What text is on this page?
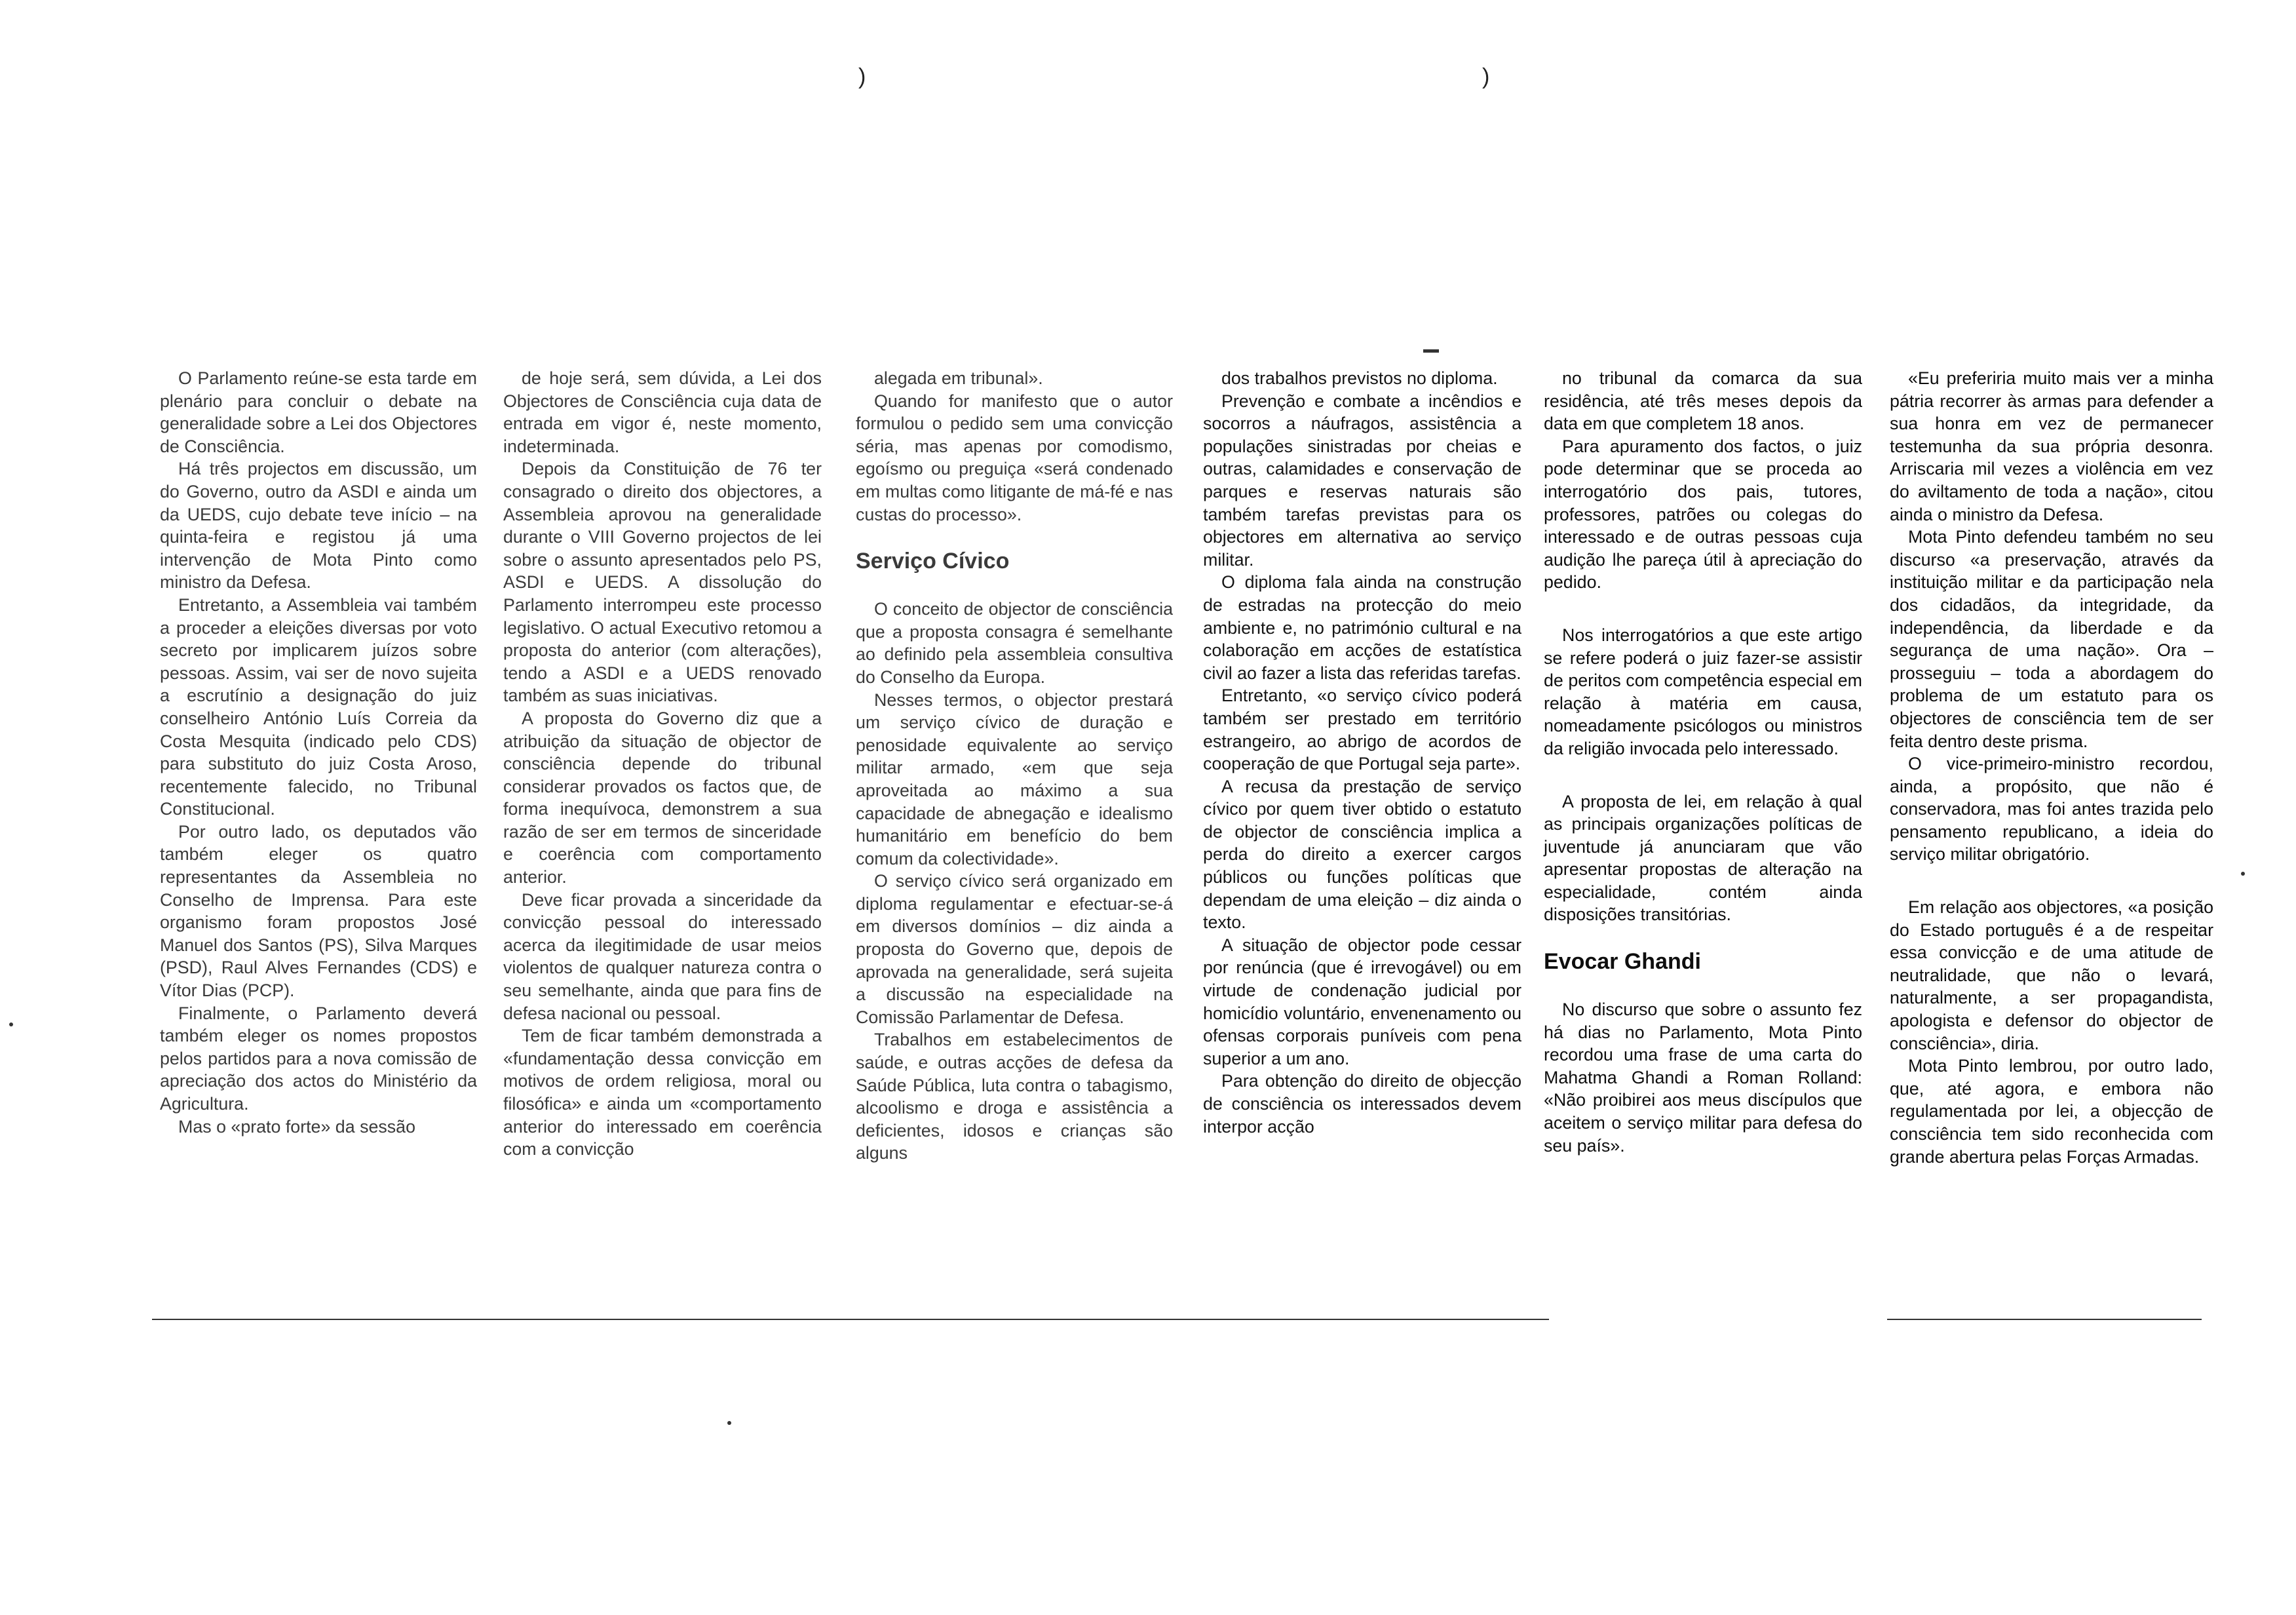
)	)

O Parlamento reúne-se esta tarde em plenário para concluir o debate na generalidade sobre a Lei dos Objectores de Consciência.

Há três projectos em discussão, um do Governo, outro da ASDI e ainda um da UEDS, cujo debate teve início – na quinta-feira e registou já uma intervenção de Mota Pinto como ministro da Defesa.

Entretanto, a Assembleia vai também a proceder a eleições diversas por voto secreto por implicarem juízos sobre pessoas. Assim, vai ser de novo sujeita a escrutínio a designação do juiz conselheiro António Luís Correia da Costa Mesquita (indicado pelo CDS) para substituto do juiz Costa Aroso, recentemente falecido, no Tribunal Constitucional.

Por outro lado, os deputados vão também eleger os quatro representantes da Assembleia no Conselho de Imprensa. Para este organismo foram propostos José Manuel dos Santos (PS), Silva Marques (PSD), Raul Alves Fernandes (CDS) e Vítor Dias (PCP).

Finalmente, o Parlamento deverá também eleger os nomes propostos pelos partidos para a nova comissão de apreciação dos actos do Ministério da Agricultura.

Mas o «prato forte» da sessão

de hoje será, sem dúvida, a Lei dos Objectores de Consciência cuja data de entrada em vigor é, neste momento, indeterminada.

Depois da Constituição de 76 ter consagrado o direito dos objectores, a Assembleia aprovou na generalidade durante o VIII Governo projectos de lei sobre o assunto apresentados pelo PS, ASDI e UEDS. A dissolução do Parlamento interrompeu este processo legislativo. O actual Executivo retomou a proposta do anterior (com alterações), tendo a ASDI e a UEDS renovado também as suas iniciativas.

A proposta do Governo diz que a atribuição da situação de objector de consciência depende do tribunal considerar provados os factos que, de forma inequívoca, demonstrem a sua razão de ser em termos de sinceridade e coerência com comportamento anterior.

Deve ficar provada a sinceridade da convicção pessoal do interessado acerca da ilegitimidade de usar meios violentos de qualquer natureza contra o seu semelhante, ainda que para fins de defesa nacional ou pessoal.

Tem de ficar também demonstrada a «fundamentação dessa convicção em motivos de ordem religiosa, moral ou filosófica» e ainda um «comportamento anterior do interessado em coerência com a convicção

alegada em tribunal».

Quando for manifesto que o autor formulou o pedido sem uma convicção séria, mas apenas por comodismo, egoísmo ou preguiça «será condenado em multas como litigante de má-fé e nas custas do processo».

Serviço Cívico

O conceito de objector de consciência que a proposta consagra é semelhante ao definido pela assembleia consultiva do Conselho da Europa.

Nesses termos, o objector prestará um serviço cívico de duração e penosidade equivalente ao serviço militar armado, «em que seja aproveitada ao máximo a sua capacidade de abnegação e idealismo humanitário em benefício do bem comum da colectividade».

O serviço cívico será organizado em diploma regulamentar e efectuar-se-á em diversos domínios – diz ainda a proposta do Governo que, depois de aprovada na generalidade, será sujeita a discussão na especialidade na Comissão Parlamentar de Defesa.

Trabalhos em estabelecimentos de saúde, e outras acções de defesa da Saúde Pública, luta contra o tabagismo, alcoolismo e droga e assistência a deficientes, idosos e crianças são alguns

dos trabalhos previstos no diploma.

Prevenção e combate a incêndios e socorros a náufragos, assistência a populações sinistradas por cheias e outras, calamidades e conservação de parques e reservas naturais são também tarefas previstas para os objectores em alternativa ao serviço militar.

O diploma fala ainda na construção de estradas na protecção do meio ambiente e, no património cultural e na colaboração em acções de estatística civil ao fazer a lista das referidas tarefas.

Entretanto, «o serviço cívico poderá também ser prestado em território estrangeiro, ao abrigo de acordos de cooperação de que Portugal seja parte».

A recusa da prestação de serviço cívico por quem tiver obtido o estatuto de objector de consciência implica a perda do direito a exercer cargos públicos ou funções políticas que dependam de uma eleição – diz ainda o texto.

A situação de objector pode cessar por renúncia (que é irrevogável) ou em virtude de condenação judicial por homicídio voluntário, envenenamento ou ofensas corporais puníveis com pena superior a um ano.

Para obtenção do direito de objecção de consciência os interessados devem interpor acção

no tribunal da comarca da sua residência, até três meses depois da data em que completem 18 anos.

Para apuramento dos factos, o juiz pode determinar que se proceda ao interrogatório dos pais, tutores, professores, patrões ou colegas do interessado e de outras pessoas cuja audição lhe pareça útil à apreciação do pedido.

Nos interrogatórios a que este artigo se refere poderá o juiz fazer-se assistir de peritos com competência especial em relação à matéria em causa, nomeadamente psicólogos ou ministros da religião invocada pelo interessado.

A proposta de lei, em relação à qual as principais organizações políticas de juventude já anunciaram que vão apresentar propostas de alteração na especialidade, contém ainda disposições transitórias.

Evocar Ghandi

No discurso que sobre o assunto fez há dias no Parlamento, Mota Pinto recordou uma frase de uma carta do Mahatma Ghandi a Roman Rolland: «Não proibirei aos meus discípulos que aceitem o serviço militar para defesa do seu país».

«Eu preferiria muito mais ver a minha pátria recorrer às armas para defender a sua honra em vez de permanecer testemunha da sua própria desonra. Arriscaria mil vezes a violência em vez do aviltamento de toda a nação», citou ainda o ministro da Defesa.

Mota Pinto defendeu também no seu discurso «a preservação, através da instituição militar e da participação nela dos cidadãos, da integridade, da independência, da liberdade e da segurança de uma nação». Ora – prosseguiu – toda a abordagem do problema de um estatuto para os objectores de consciência tem de ser feita dentro deste prisma.

O vice-primeiro-ministro recordou, ainda, a propósito, que não é conservadora, mas foi antes trazida pelo pensamento republicano, a ideia do serviço militar obrigatório.

Em relação aos objectores, «a posição do Estado português é a de respeitar essa convicção e de uma atitude de neutralidade, que não o levará, naturalmente, a ser propagandista, apologista e defensor do objector de consciência», diria.

Mota Pinto lembrou, por outro lado, que, até agora, e embora não regulamentada por lei, a objecção de consciência tem sido reconhecida com grande abertura pelas Forças Armadas.
